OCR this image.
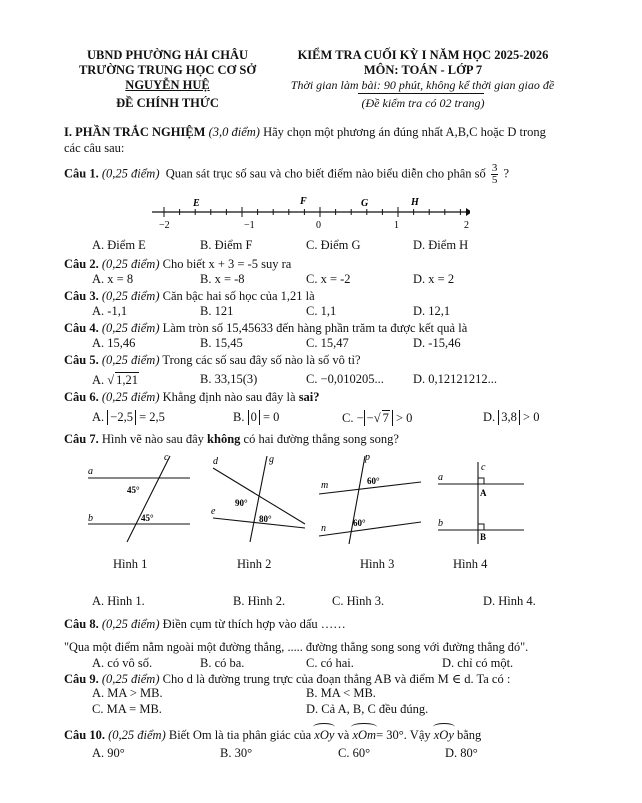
UBND PHƯỜNG HẢI CHÂU
TRƯỜNG TRUNG HỌC CƠ SỞ
NGUYỄN HUỆ
ĐỀ CHÍNH THỨC
KIỂM TRA CUỐI KỲ I NĂM HỌC 2025-2026
MÔN: TOÁN - LỚP 7
Thời gian làm bài: 90 phút, không kể thời gian giao đề
(Đề kiểm tra có 02 trang)
I. PHẦN TRẮC NGHIỆM (3,0 điểm) Hãy chọn một phương án đúng nhất A,B,C hoặc D trong
các câu sau:
Câu 1. (0,25 điểm) Quan sát trục số sau và cho biết điểm nào biểu diễn cho phân số $\frac{3}{5}$ ?
−2	−1	0	1	2
E	F	G	H
A. Điểm E	B. Điểm F	C. Điểm G	D. Điểm H
Câu 2. (0,25 điểm) Cho biết x + 3 = -5 suy ra
A. x = 8	B. x = -8	C. x = -2	D. x = 2
Câu 3. (0,25 điểm) Căn bậc hai số học của 1,21 là
A. -1,1	B. 121	C. 1,1	D. 12,1
Câu 4. (0,25 điểm) Làm tròn số 15,45633 đến hàng phần trăm ta được kết quả là
A. 15,46	B. 15,45	C. 15,47	D. -15,46
Câu 5. (0,25 điểm) Trong các số sau đây số nào là số vô tỉ?
A. √ 1,21	B. 33,15(3)	C. −0,010205... D. 0,12121212...
Câu 6. (0,25 điểm) Khẳng định nào sau đây là sai?
A. −2,5 = 2,5	B. 0 = 0	C. − −√ 7 > 0	D. 3,8 > 0
Câu 7. Hình vẽ nào sau đây không có hai đường thẳng song song?
a
b
c
45°
45°
d
e
g
90°
80°
m
n
p
60°
60°
a
b
c
A
B
Hình 1	Hình 2	Hình 3	Hình 4
A. Hình 1.	B. Hình 2.	C. Hình 3.	D. Hình 4.
Câu 8. (0,25 điểm) Điền cụm từ thích hợp vào dấu ……
"Qua một điểm nằm ngoài một đường thẳng, ..... đường thẳng song song với đường thẳng đó".
A. có vô số.	B. có ba.	C. có hai.	D. chỉ có một.
Câu 9. (0,25 điểm) Cho d là đường trung trực của đoạn thẳng AB và điểm M ∈ d. Ta có :
A. MA > MB.	B. MA < MB.
C. MA = MB.	D. Cả A, B, C đều đúng.
Câu 10. (0,25 điểm) Biết Om là tia phân giác của xOy và xOm= 30°. Vậy xOy bằng
A. 90°	B. 30°	C. 60°	D. 80°
